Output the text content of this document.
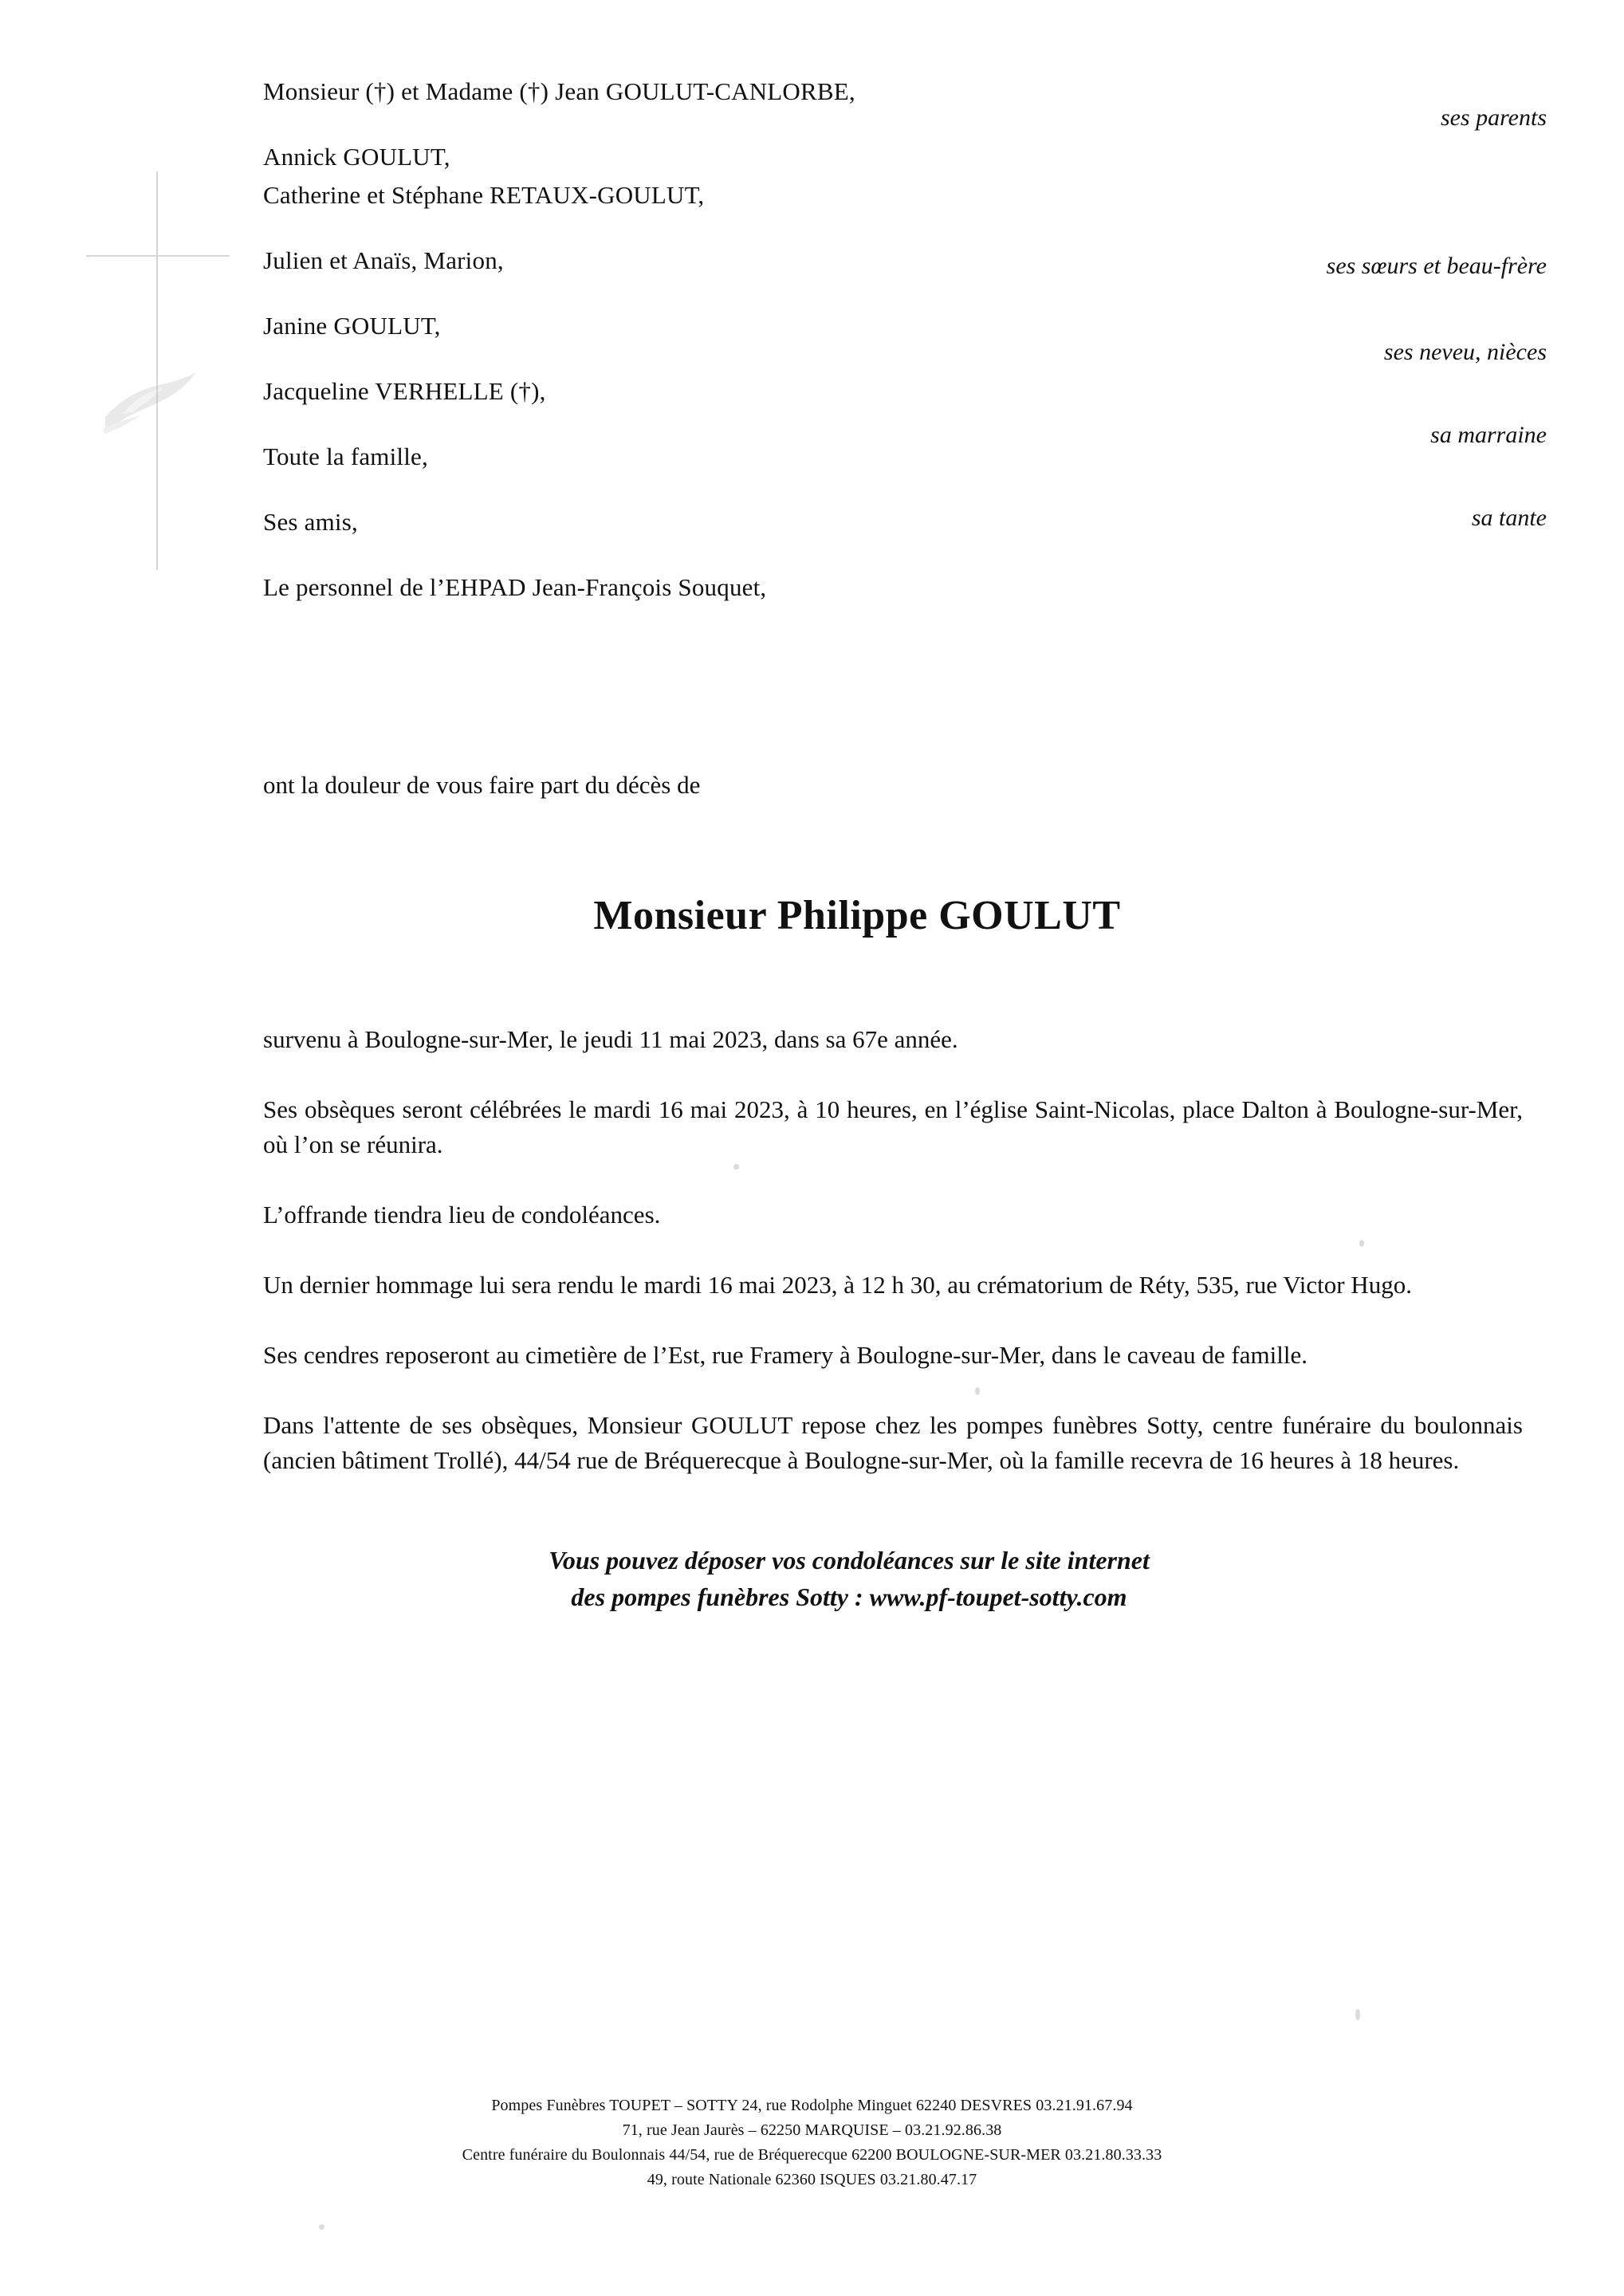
Monsieur (†) et Madame (†) Jean GOULUT-CANLORBE,

Annick GOULUT,

Catherine et Stéphane RETAUX-GOULUT,

Julien et Anaïs, Marion,

Janine GOULUT,

Jacqueline VERHELLE (†),

Toute la famille,

Ses amis,

Le personnel de l’EHPAD Jean-François Souquet,

ses parents
ses sœurs et beau-frère
ses neveu, nièces
sa marraine
sa tante

ont la douleur de vous faire part du décès de

Monsieur Philippe GOULUT

survenu à Boulogne-sur-Mer, le jeudi 11 mai 2023, dans sa 67e année.

Ses obsèques seront célébrées le mardi 16 mai 2023, à 10 heures, en l’église Saint-Nicolas, place Dalton à Boulogne-sur-Mer, où l’on se réunira.

L’offrande tiendra lieu de condoléances.

Un dernier hommage lui sera rendu le mardi 16 mai 2023, à 12 h 30, au crématorium de Réty, 535, rue Victor Hugo.

Ses cendres reposeront au cimetière de l’Est, rue Framery à Boulogne-sur-Mer, dans le caveau de famille.

Dans l'attente de ses obsèques, Monsieur GOULUT repose chez les pompes funèbres Sotty, centre funéraire du boulonnais (ancien bâtiment Trollé), 44/54 rue de Bréquerecque à Boulogne-sur-Mer, où la famille recevra de 16 heures à 18 heures.

Vous pouvez déposer vos condoléances sur le site internet
des pompes funèbres Sotty : www.pf-toupet-sotty.com
Pompes Funèbres TOUPET – SOTTY 24, rue Rodolphe Minguet 62240 DESVRES 03.21.91.67.94
71, rue Jean Jaurès – 62250 MARQUISE – 03.21.92.86.38
Centre funéraire du Boulonnais 44/54, rue de Bréquerecque 62200 BOULOGNE-SUR-MER 03.21.80.33.33
49, route Nationale 62360 ISQUES 03.21.80.47.17
